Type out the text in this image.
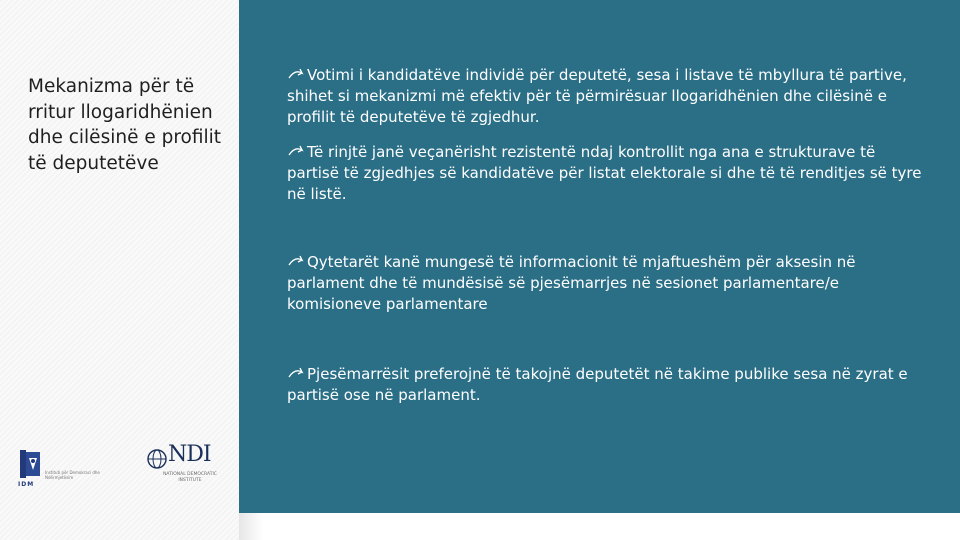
Mekanizma për të rritur llogaridhënien dhe cilësinë e profilit të deputetëve
Instituti për Demokraci dhe Ndërmjetësim
IDM
NDI
NATIONAL DEMOCRATIC INSTITUTE
Votimi i kandidatëve individë për deputetë, sesa i listave të mbyllura të partive, shihet si mekanizmi më efektiv për të përmirësuar llogaridhënien dhe cilësinë e profilit të deputetëve të zgjedhur.
Të rinjtë janë veçanërisht rezistentë ndaj kontrollit nga ana e strukturave të partisë të zgjedhjes së kandidatëve për listat elektorale si dhe të të renditjes së tyre në listë.
Qytetarët kanë mungesë të informacionit të mjaftueshëm për aksesin në parlament dhe të mundësisë së pjesëmarrjes në sesionet parlamentare/e komisioneve parlamentare
Pjesëmarrësit preferojnë të takojnë deputetët në takime publike sesa në zyrat e partisë ose në parlament.
